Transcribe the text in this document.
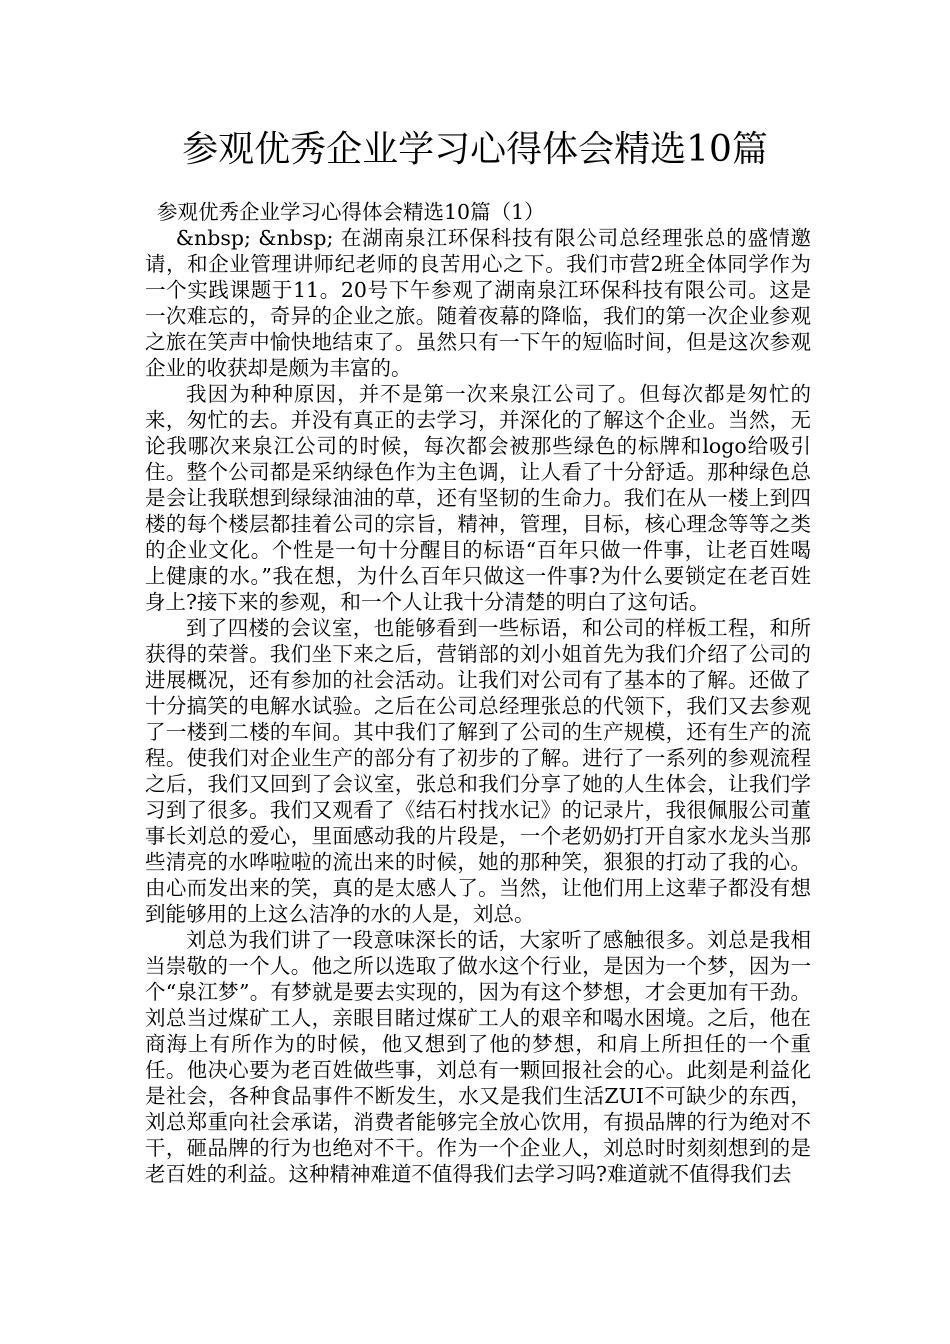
参观优秀企业学习心得体会精选10篇
参观优秀企业学习心得体会精选10篇（1）

&nbsp; &nbsp; 在湖南泉江环保科技有限公司总经理张总的盛情邀请，和企业管理讲师纪老师的良苦用心之下。我们市营2班全体同学作为一个实践课题于11。20号下午参观了湖南泉江环保科技有限公司。这是一次难忘的，奇异的企业之旅。随着夜幕的降临，我们的第一次企业参观之旅在笑声中愉快地结束了。虽然只有一下午的短临时间，但是这次参观企业的收获却是颇为丰富的。

我因为种种原因，并不是第一次来泉江公司了。但每次都是匆忙的来，匆忙的去。并没有真正的去学习，并深化的了解这个企业。当然，无论我哪次来泉江公司的时候，每次都会被那些绿色的标牌和logo给吸引住。整个公司都是采纳绿色作为主色调，让人看了十分舒适。那种绿色总是会让我联想到绿绿油油的草，还有坚韧的生命力。我们在从一楼上到四楼的每个楼层都挂着公司的宗旨，精神，管理，目标，核心理念等等之类的企业文化。个性是一句十分醒目的标语“百年只做一件事，让老百姓喝上健康的水。”我在想，为什么百年只做这一件事?为什么要锁定在老百姓身上?接下来的参观，和一个人让我十分清楚的明白了这句话。

到了四楼的会议室，也能够看到一些标语，和公司的样板工程，和所获得的荣誉。我们坐下来之后，营销部的刘小姐首先为我们介绍了公司的进展概况，还有参加的社会活动。让我们对公司有了基本的了解。还做了十分搞笑的电解水试验。之后在公司总经理张总的代领下，我们又去参观了一楼到二楼的车间。其中我们了解到了公司的生产规模，还有生产的流程。使我们对企业生产的部分有了初步的了解。进行了一系列的参观流程之后，我们又回到了会议室，张总和我们分享了她的人生体会，让我们学习到了很多。我们又观看了《结石村找水记》的记录片，我很佩服公司董事长刘总的爱心，里面感动我的片段是，一个老奶奶打开自家水龙头当那些清亮的水哗啦啦的流出来的时候，她的那种笑，狠狠的打动了我的心。由心而发出来的笑，真的是太感人了。当然，让他们用上这辈子都没有想到能够用的上这么洁净的水的人是，刘总。

刘总为我们讲了一段意味深长的话，大家听了感触很多。刘总是我相当崇敬的一个人。他之所以选取了做水这个行业，是因为一个梦，因为一个“泉江梦”。有梦就是要去实现的，因为有这个梦想，才会更加有干劲。刘总当过煤矿工人，亲眼目睹过煤矿工人的艰辛和喝水困境。之后，他在商海上有所作为的时候，他又想到了他的梦想，和肩上所担任的一个重任。他决心要为老百姓做些事，刘总有一颗回报社会的心。此刻是利益化是社会，各种食品事件不断发生，水又是我们生活ZUI不可缺少的东西，刘总郑重向社会承诺，消费者能够完全放心饮用，有损品牌的行为绝对不干，砸品牌的行为也绝对不干。作为一个企业人，刘总时时刻刻想到的是老百姓的利益。这种精神难道不值得我们去学习吗?难道就不值得我们去
